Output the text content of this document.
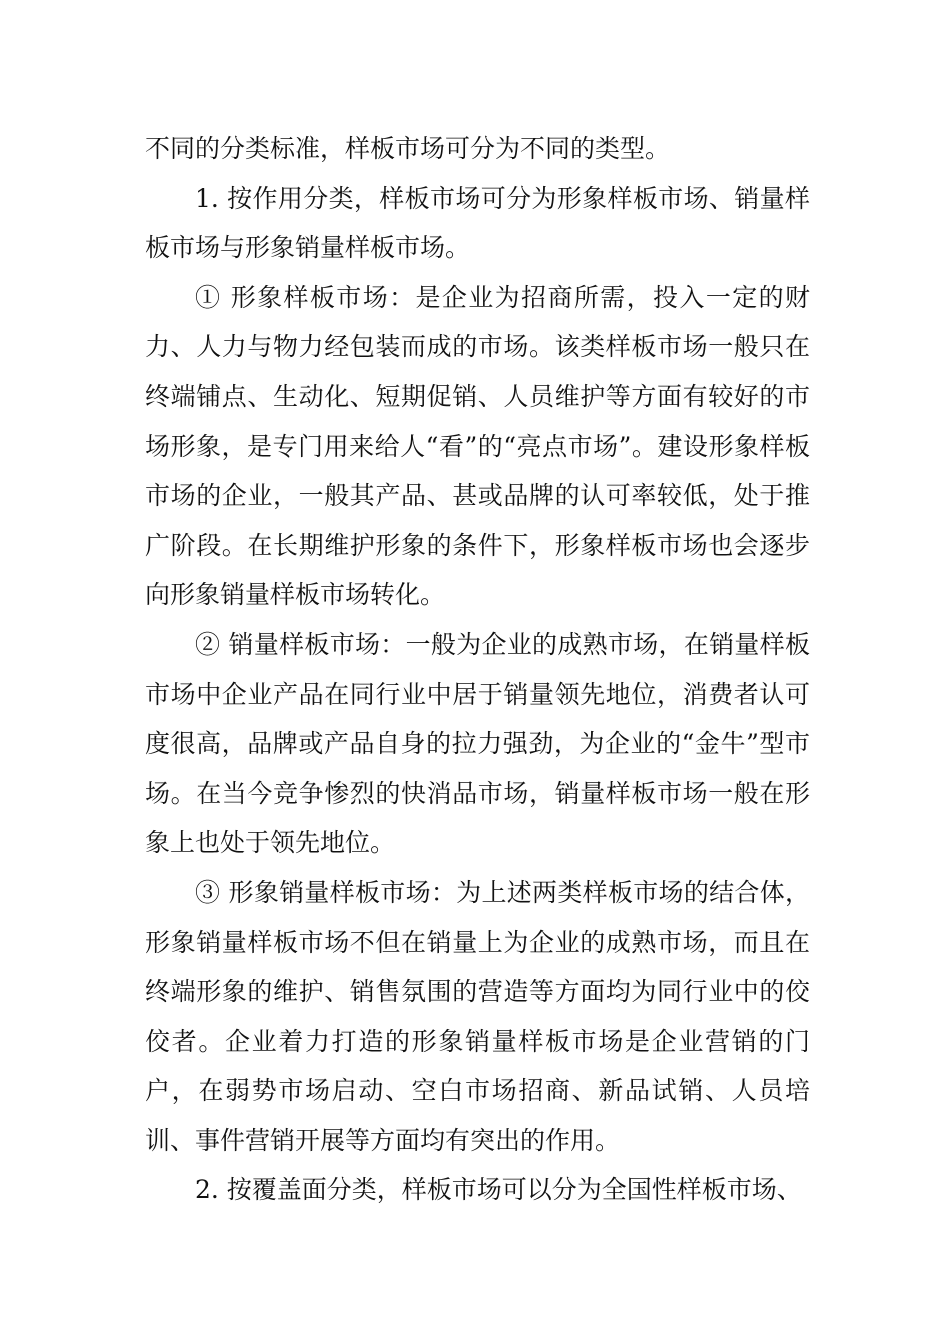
不同的分类标准，样板市场可分为不同的类型。

1. 按作用分类，样板市场可分为形象样板市场、销量样板市场与形象销量样板市场。

① 形象样板市场：是企业为招商所需，投入一定的财力、人力与物力经包装而成的市场。该类样板市场一般只在终端铺点、生动化、短期促销、人员维护等方面有较好的市场形象，是专门用来给人“看”的“亮点市场”。建设形象样板市场的企业，一般其产品、甚或品牌的认可率较低，处于推广阶段。在长期维护形象的条件下，形象样板市场也会逐步向形象销量样板市场转化。

② 销量样板市场：一般为企业的成熟市场，在销量样板市场中企业产品在同行业中居于销量领先地位，消费者认可度很高，品牌或产品自身的拉力强劲，为企业的“金牛”型市场。在当今竞争惨烈的快消品市场，销量样板市场一般在形象上也处于领先地位。

③ 形象销量样板市场：为上述两类样板市场的结合体，形象销量样板市场不但在销量上为企业的成熟市场，而且在终端形象的维护、销售氛围的营造等方面均为同行业中的佼佼者。企业着力打造的形象销量样板市场是企业营销的门户，在弱势市场启动、空白市场招商、新品试销、人员培训、事件营销开展等方面均有突出的作用。

2. 按覆盖面分类，样板市场可以分为全国性样板市场、
